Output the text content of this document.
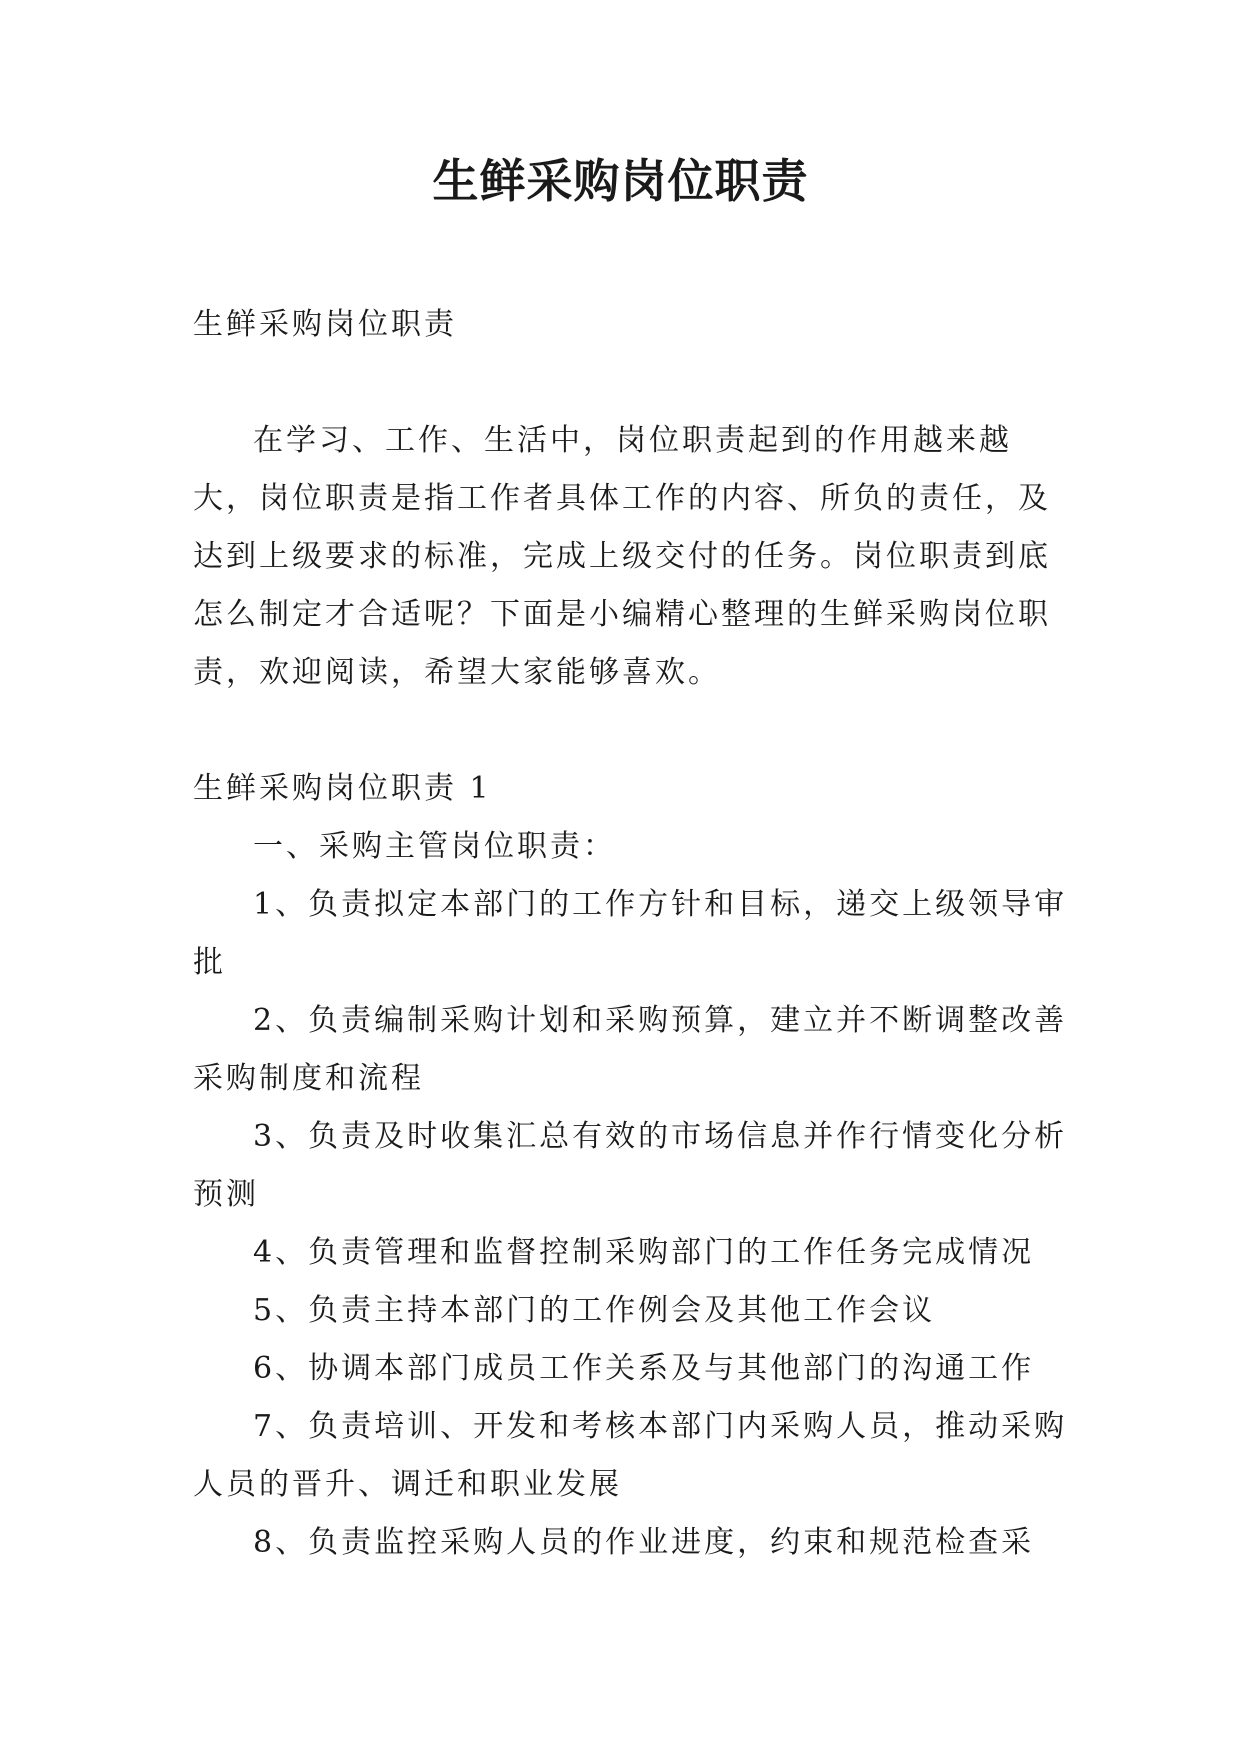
生鲜采购岗位职责

生鲜采购岗位职责

在学习、工作、生活中，岗位职责起到的作用越来越大，岗位职责是指工作者具体工作的内容、所负的责任，及达到上级要求的标准，完成上级交付的任务。岗位职责到底怎么制定才合适呢？下面是小编精心整理的生鲜采购岗位职责，欢迎阅读，希望大家能够喜欢。

生鲜采购岗位职责 1

一、采购主管岗位职责：

1、负责拟定本部门的工作方针和目标，递交上级领导审批

2、负责编制采购计划和采购预算，建立并不断调整改善采购制度和流程

3、负责及时收集汇总有效的市场信息并作行情变化分析预测

4、负责管理和监督控制采购部门的工作任务完成情况

5、负责主持本部门的工作例会及其他工作会议

6、协调本部门成员工作关系及与其他部门的沟通工作

7、负责培训、开发和考核本部门内采购人员，推动采购人员的晋升、调迁和职业发展

8、负责监控采购人员的作业进度，约束和规范检查采
